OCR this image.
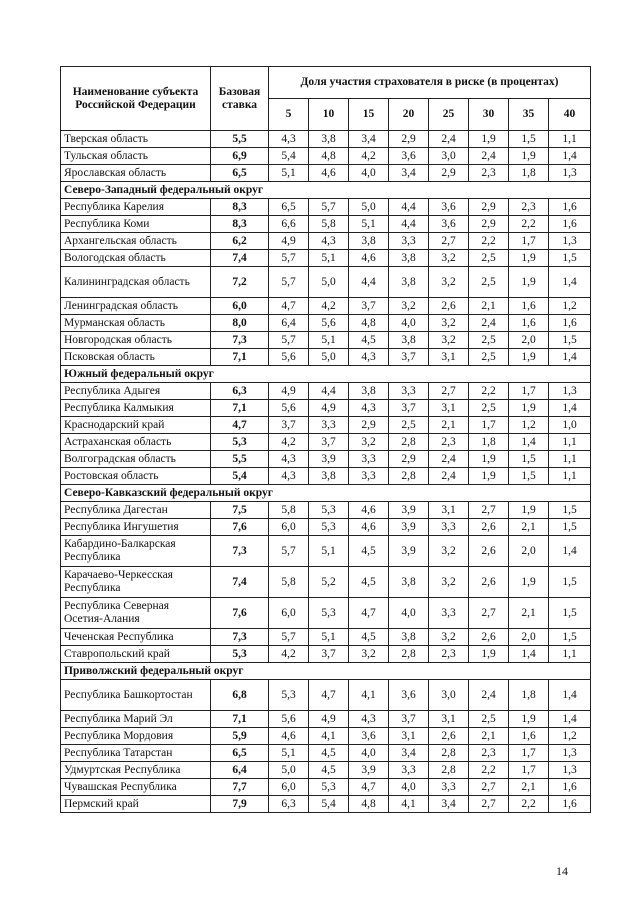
Наименование субъекта Российской Федерации	Базовая ставка	Доля участия страхователя в риске (в процентах)							
		5	10	15	20	25	30	35	40
Тверская область	5,5	4,3	3,8	3,4	2,9	2,4	1,9	1,5	1,1
Тульская область	6,9	5,4	4,8	4,2	3,6	3,0	2,4	1,9	1,4
Ярославская область	6,5	5,1	4,6	4,0	3,4	2,9	2,3	1,8	1,3
Северо-Западный федеральный округ									
Республика Карелия	8,3	6,5	5,7	5,0	4,4	3,6	2,9	2,3	1,6
Республика Коми	8,3	6,6	5,8	5,1	4,4	3,6	2,9	2,2	1,6
Архангельская область	6,2	4,9	4,3	3,8	3,3	2,7	2,2	1,7	1,3
Вологодская область	7,4	5,7	5,1	4,6	3,8	3,2	2,5	1,9	1,5
Калининградская область	7,2	5,7	5,0	4,4	3,8	3,2	2,5	1,9	1,4
Ленинградская область	6,0	4,7	4,2	3,7	3,2	2,6	2,1	1,6	1,2
Мурманская область	8,0	6,4	5,6	4,8	4,0	3,2	2,4	1,6	1,6
Новгородская область	7,3	5,7	5,1	4,5	3,8	3,2	2,5	2,0	1,5
Псковская область	7,1	5,6	5,0	4,3	3,7	3,1	2,5	1,9	1,4
Южный федеральный округ									
Республика Адыгея	6,3	4,9	4,4	3,8	3,3	2,7	2,2	1,7	1,3
Республика Калмыкия	7,1	5,6	4,9	4,3	3,7	3,1	2,5	1,9	1,4
Краснодарский край	4,7	3,7	3,3	2,9	2,5	2,1	1,7	1,2	1,0
Астраханская область	5,3	4,2	3,7	3,2	2,8	2,3	1,8	1,4	1,1
Волгоградская область	5,5	4,3	3,9	3,3	2,9	2,4	1,9	1,5	1,1
Ростовская область	5,4	4,3	3,8	3,3	2,8	2,4	1,9	1,5	1,1
Северо-Кавказский федеральный округ									
Республика Дагестан	7,5	5,8	5,3	4,6	3,9	3,1	2,7	1,9	1,5
Республика Ингушетия	7,6	6,0	5,3	4,6	3,9	3,3	2,6	2,1	1,5
Кабардино-Балкарская Республика	7,3	5,7	5,1	4,5	3,9	3,2	2,6	2,0	1,4
Карачаево-Черкесская Республика	7,4	5,8	5,2	4,5	3,8	3,2	2,6	1,9	1,5
Республика Северная Осетия-Алания	7,6	6,0	5,3	4,7	4,0	3,3	2,7	2,1	1,5
Чеченская Республика	7,3	5,7	5,1	4,5	3,8	3,2	2,6	2,0	1,5
Ставропольский край	5,3	4,2	3,7	3,2	2,8	2,3	1,9	1,4	1,1
Приволжский федеральный округ									
Республика Башкортостан	6,8	5,3	4,7	4,1	3,6	3,0	2,4	1,8	1,4
Республика Марий Эл	7,1	5,6	4,9	4,3	3,7	3,1	2,5	1,9	1,4
Республика Мордовия	5,9	4,6	4,1	3,6	3,1	2,6	2,1	1,6	1,2
Республика Татарстан	6,5	5,1	4,5	4,0	3,4	2,8	2,3	1,7	1,3
Удмуртская Республика	6,4	5,0	4,5	3,9	3,3	2,8	2,2	1,7	1,3
Чувашская Республика	7,7	6,0	5,3	4,7	4,0	3,3	2,7	2,1	1,6
Пермский край	7,9	6,3	5,4	4,8	4,1	3,4	2,7	2,2	1,6
14
